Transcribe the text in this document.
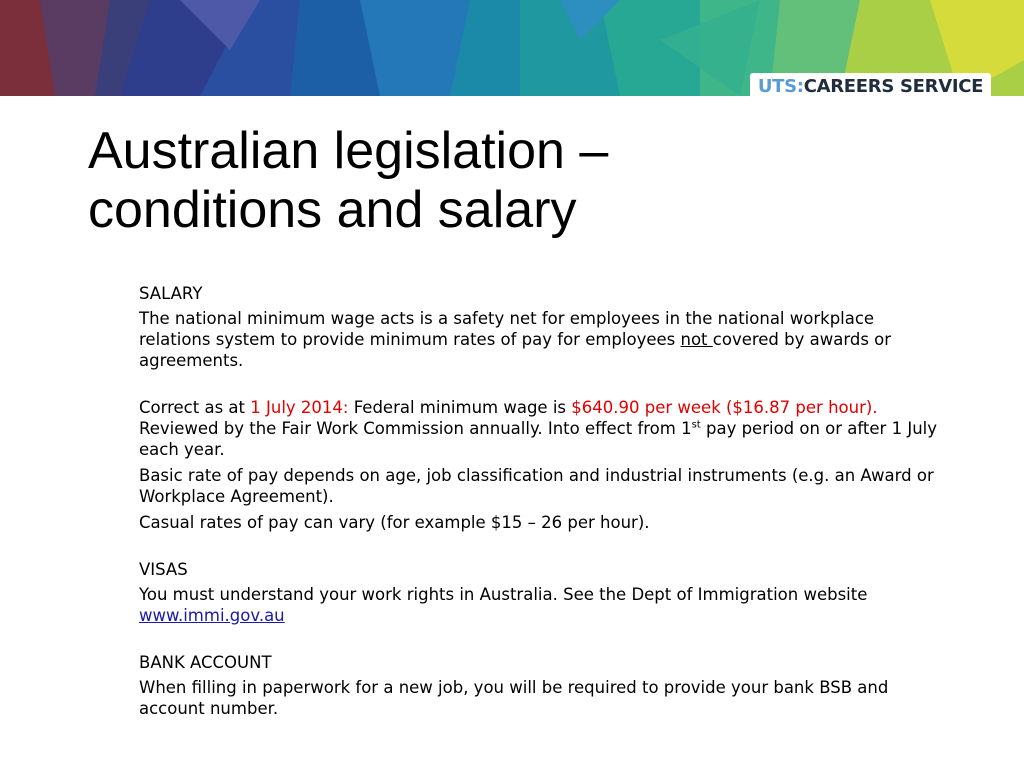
UTS : CAREERS SERVICE
Australian legislation –
conditions and salary

SALARY

The national minimum wage acts is a safety net for employees in the national workplace relations system to provide minimum rates of pay for employees not covered by awards or agreements.

Correct as at 1 July 2014: Federal minimum wage is $640.90 per week ($16.87 per hour). Reviewed by the Fair Work Commission annually. Into effect from 1st pay period on or after 1 July each year.

Basic rate of pay depends on age, job classification and industrial instruments (e.g. an Award or Workplace Agreement).

Casual rates of pay can vary (for example $15 – 26 per hour).

VISAS

You must understand your work rights in Australia. See the Dept of Immigration website www.immi.gov.au

BANK ACCOUNT

When filling in paperwork for a new job, you will be required to provide your bank BSB and account number.
